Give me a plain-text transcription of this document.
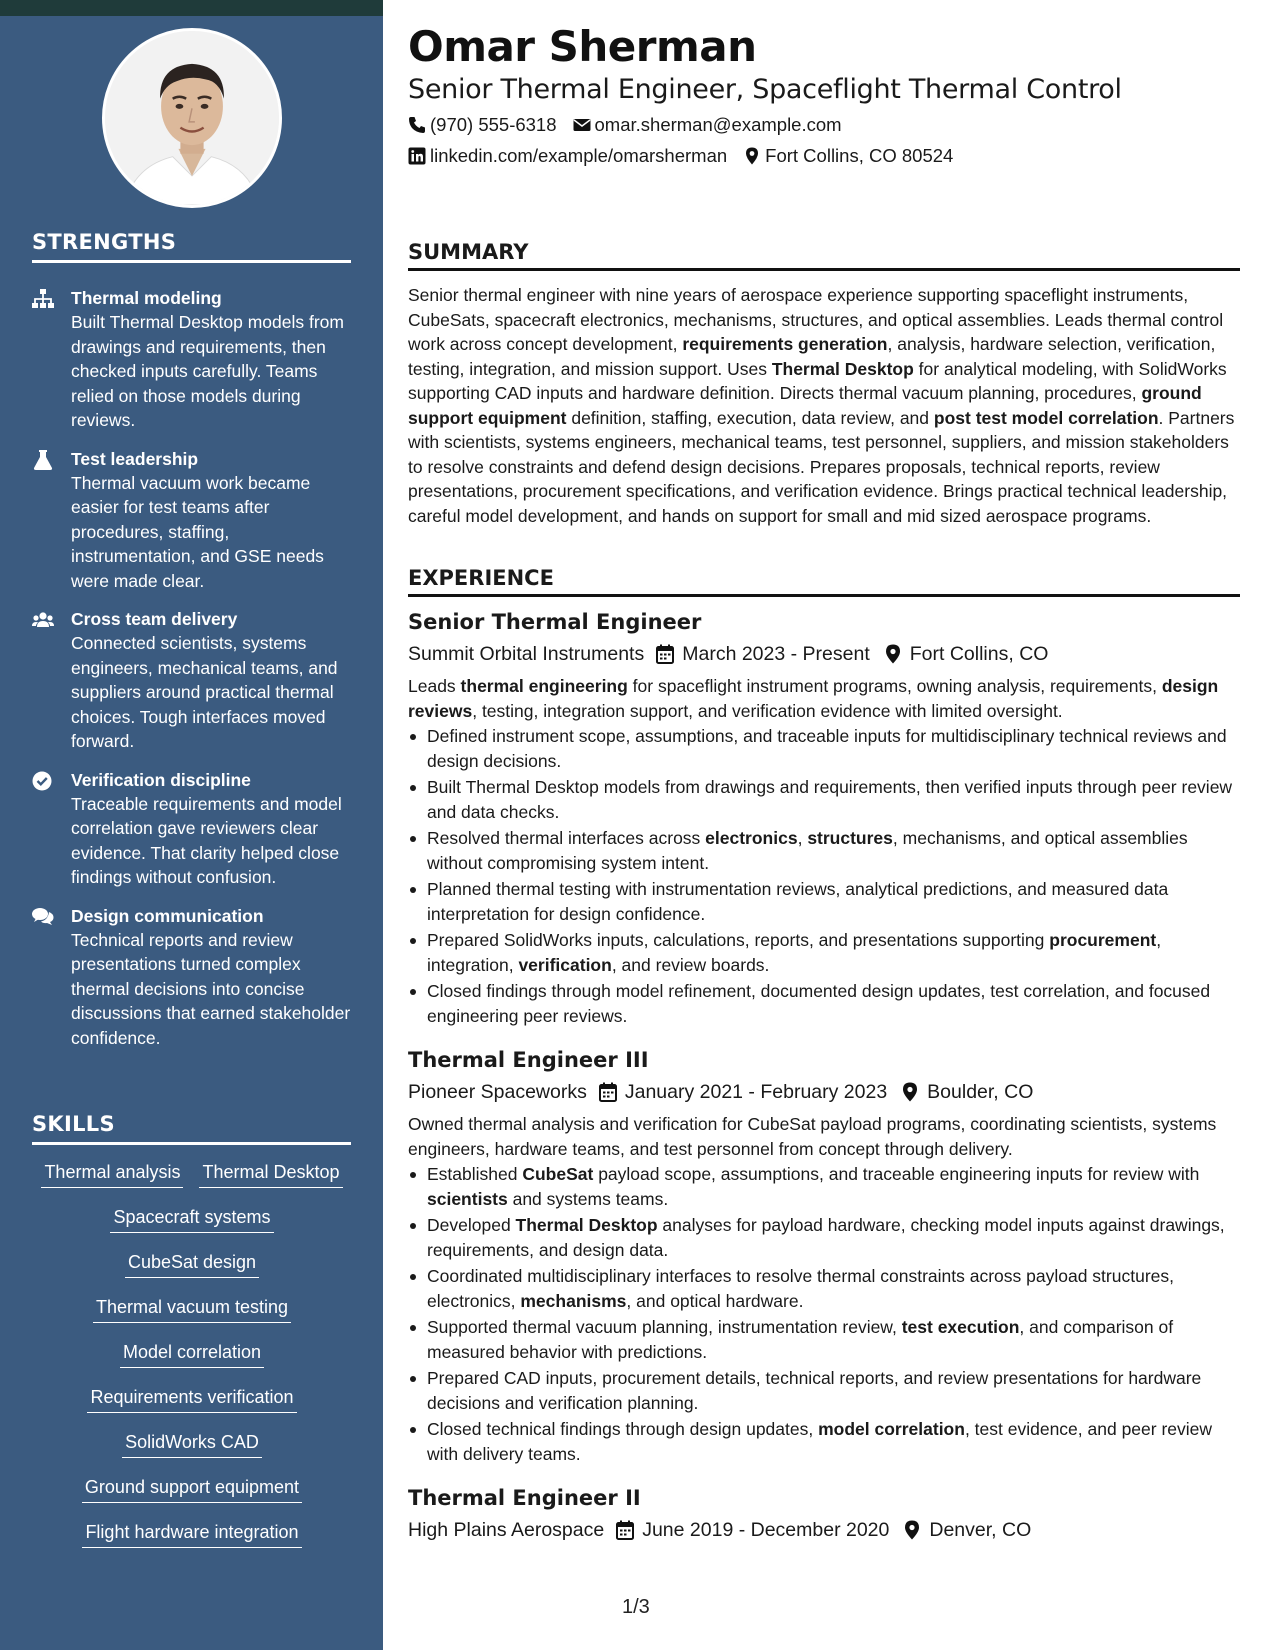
STRENGTHS
Thermal modeling
Built Thermal Desktop models from drawings and requirements, then checked inputs carefully. Teams relied on those models during reviews.
Test leadership
Thermal vacuum work became easier for test teams after procedures, staffing, instrumentation, and GSE needs were made clear.
Cross team delivery
Connected scientists, systems engineers, mechanical teams, and suppliers around practical thermal choices. Tough interfaces moved forward.
Verification discipline
Traceable requirements and model correlation gave reviewers clear evidence. That clarity helped close findings without confusion.
Design communication
Technical reports and review presentations turned complex thermal decisions into concise discussions that earned stakeholder confidence.
SKILLS
Thermal analysis Thermal Desktop
Spacecraft systems
CubeSat design
Thermal vacuum testing
Model correlation
Requirements verification
SolidWorks CAD
Ground support equipment
Flight hardware integration
Omar Sherman
Senior Thermal Engineer, Spaceflight Thermal Control
(970) 555-6318 omar.sherman@example.com
linkedin.com/example/omarsherman Fort Collins, CO 80524
SUMMARY
Senior thermal engineer with nine years of aerospace experience supporting spaceflight instruments, CubeSats, spacecraft electronics, mechanisms, structures, and optical assemblies. Leads thermal control work across concept development, requirements generation, analysis, hardware selection, verification, testing, integration, and mission support. Uses Thermal Desktop for analytical modeling, with SolidWorks supporting CAD inputs and hardware definition. Directs thermal vacuum planning, procedures, ground support equipment definition, staffing, execution, data review, and post test model correlation. Partners with scientists, systems engineers, mechanical teams, test personnel, suppliers, and mission stakeholders to resolve constraints and defend design decisions. Prepares proposals, technical reports, review presentations, procurement specifications, and verification evidence. Brings practical technical leadership, careful model development, and hands on support for small and mid sized aerospace programs.
EXPERIENCE
Senior Thermal Engineer
Summit Orbital Instruments March 2023 - Present Fort Collins, CO
Leads thermal engineering for spaceflight instrument programs, owning analysis, requirements, design reviews, testing, integration support, and verification evidence with limited oversight.
Defined instrument scope, assumptions, and traceable inputs for multidisciplinary technical reviews and design decisions.
Built Thermal Desktop models from drawings and requirements, then verified inputs through peer review and data checks.
Resolved thermal interfaces across electronics, structures, mechanisms, and optical assemblies without compromising system intent.
Planned thermal testing with instrumentation reviews, analytical predictions, and measured data interpretation for design confidence.
Prepared SolidWorks inputs, calculations, reports, and presentations supporting procurement, integration, verification, and review boards.
Closed findings through model refinement, documented design updates, test correlation, and focused engineering peer reviews.
Thermal Engineer III
Pioneer Spaceworks January 2021 - February 2023 Boulder, CO
Owned thermal analysis and verification for CubeSat payload programs, coordinating scientists, systems engineers, hardware teams, and test personnel from concept through delivery.
Established CubeSat payload scope, assumptions, and traceable engineering inputs for review with scientists and systems teams.
Developed Thermal Desktop analyses for payload hardware, checking model inputs against drawings, requirements, and design data.
Coordinated multidisciplinary interfaces to resolve thermal constraints across payload structures, electronics, mechanisms, and optical hardware.
Supported thermal vacuum planning, instrumentation review, test execution, and comparison of measured behavior with predictions.
Prepared CAD inputs, procurement details, technical reports, and review presentations for hardware decisions and verification planning.
Closed technical findings through design updates, model correlation, test evidence, and peer review with delivery teams.
Thermal Engineer II
High Plains Aerospace June 2019 - December 2020 Denver, CO
1/3
